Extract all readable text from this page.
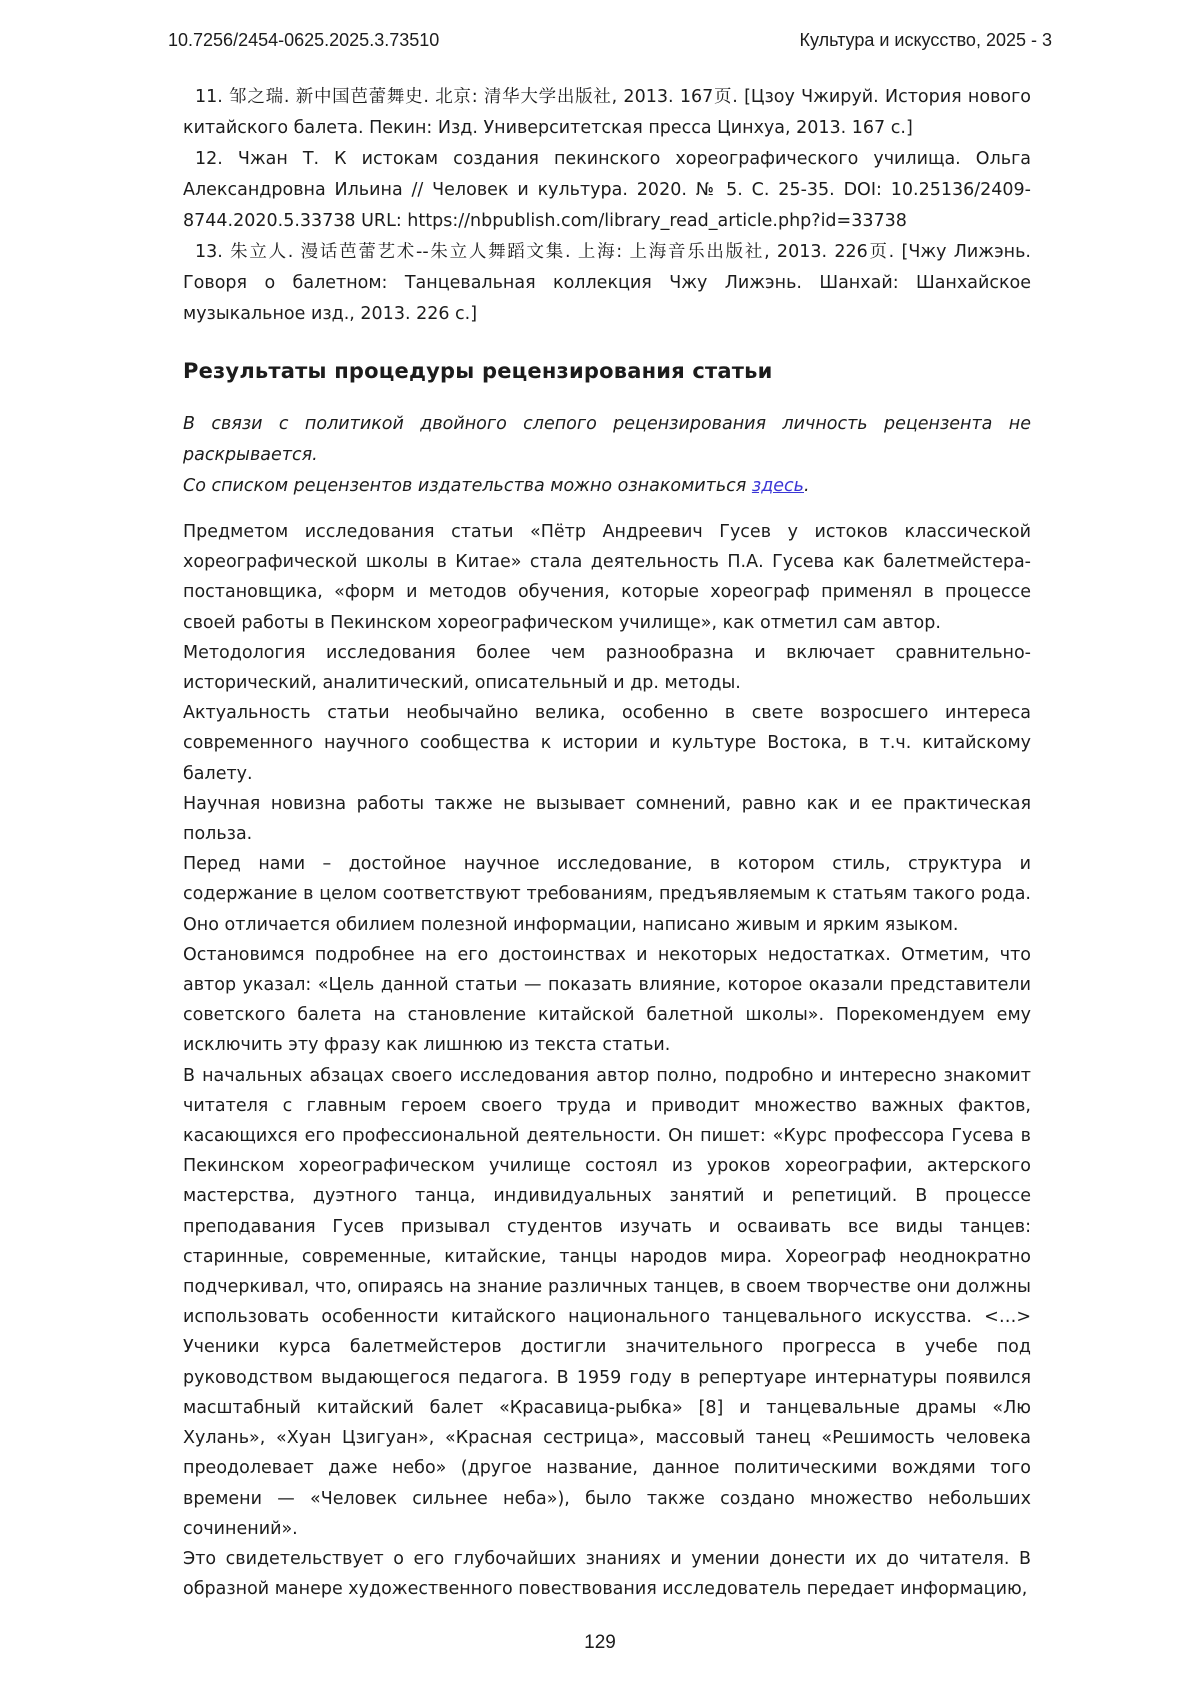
10.7256/2454-0625.2025.3.73510	Культура и искусство, 2025 - 3

11. 邹之瑞. 新中国芭蕾舞史. 北京: 清华大学出版社, 2013. 167页. [Цзоу Чжируй. История нового китайского балета. Пекин: Изд. Университетская пресса Цинхуа, 2013. 167 с.]

12. Чжан Т. К истокам создания пекинского хореографического училища. Ольга Александровна Ильина // Человек и культура. 2020. № 5. С. 25-35. DOI: 10.25136/2409-8744.2020.5.33738 URL: https://nbpublish.com/library_read_article.php?id=33738

13. 朱立人. 漫话芭蕾艺术--朱立人舞蹈文集. 上海: 上海音乐出版社, 2013. 226页. [Чжу Лижэнь. Говоря о балетном: Танцевальная коллекция Чжу Лижэнь. Шанхай: Шанхайское музыкальное изд., 2013. 226 с.]

Результаты процедуры рецензирования статьи

В связи с политикой двойного слепого рецензирования личность рецензента не раскрывается.

Со списком рецензентов издательства можно ознакомиться здесь.

Предметом исследования статьи «Пётр Андреевич Гусев у истоков классической хореографической школы в Китае» стала деятельность П.А. Гусева как балетмейстера-постановщика, «форм и методов обучения, которые хореограф применял в процессе своей работы в Пекинском хореографическом училище», как отметил сам автор.

Методология исследования более чем разнообразна и включает сравнительно-исторический, аналитический, описательный и др. методы.

Актуальность статьи необычайно велика, особенно в свете возросшего интереса современного научного сообщества к истории и культуре Востока, в т.ч. китайскому балету.

Научная новизна работы также не вызывает сомнений, равно как и ее практическая польза.

Перед нами – достойное научное исследование, в котором стиль, структура и содержание в целом соответствуют требованиям, предъявляемым к статьям такого рода. Оно отличается обилием полезной информации, написано живым и ярким языком.

Остановимся подробнее на его достоинствах и некоторых недостатках. Отметим, что автор указал: «Цель данной статьи — показать влияние, которое оказали представители советского балета на становление китайской балетной школы». Порекомендуем ему исключить эту фразу как лишнюю из текста статьи.

В начальных абзацах своего исследования автор полно, подробно и интересно знакомит читателя с главным героем своего труда и приводит множество важных фактов, касающихся его профессиональной деятельности. Он пишет: «Курс профессора Гусева в Пекинском хореографическом училище состоял из уроков хореографии, актерского мастерства, дуэтного танца, индивидуальных занятий и репетиций. В процессе преподавания Гусев призывал студентов изучать и осваивать все виды танцев: старинные, современные, китайские, танцы народов мира. Хореограф неоднократно подчеркивал, что, опираясь на знание различных танцев, в своем творчестве они должны использовать особенности китайского национального танцевального искусства. <…> Ученики курса балетмейстеров достигли значительного прогресса в учебе под руководством выдающегося педагога. В 1959 году в репертуаре интернатуры появился масштабный китайский балет «Красавица-рыбка» [8] и танцевальные драмы «Лю Хулань», «Хуан Цзигуан», «Красная сестрица», массовый танец «Решимость человека преодолевает даже небо» (другое название, данное политическими вождями того времени — «Человек сильнее неба»), было также создано множество небольших сочинений».

Это свидетельствует о его глубочайших знаниях и умении донести их до читателя. В образной манере художественного повествования исследователь передает информацию,

129
